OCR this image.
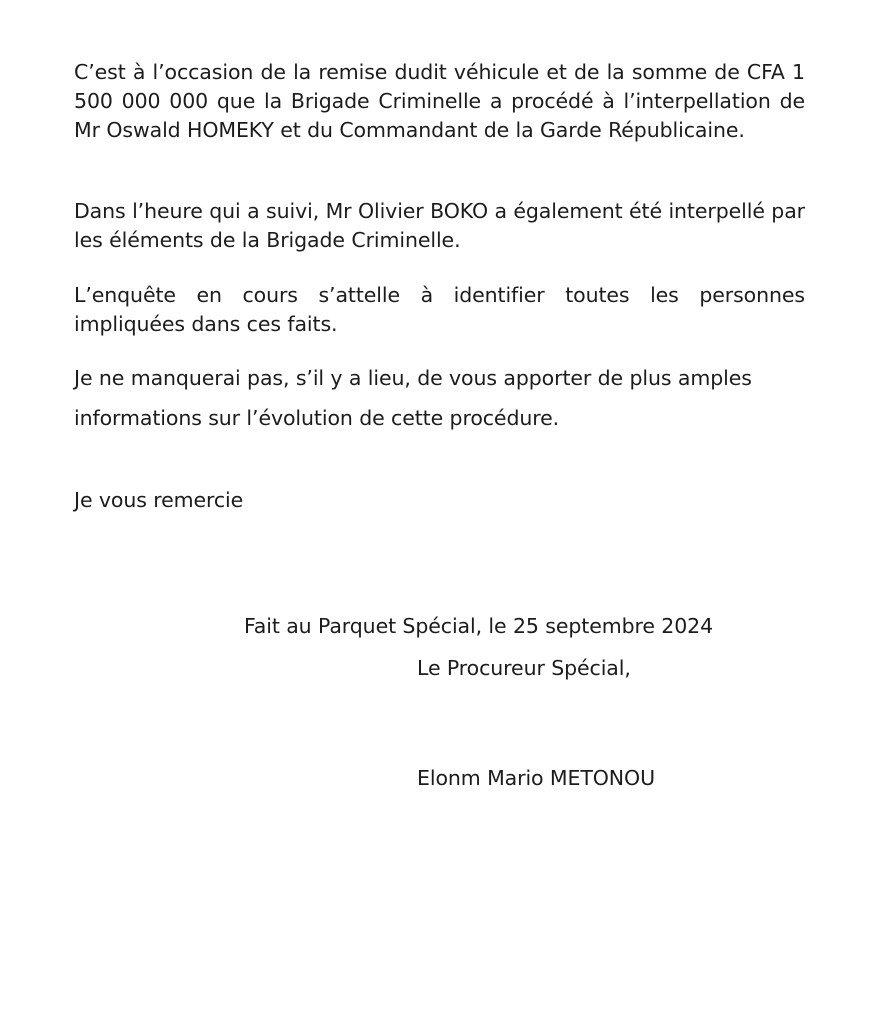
C’est à l’occasion de la remise dudit véhicule et de la somme de CFA 1 500 000 000 que la Brigade Criminelle a procédé à l’interpellation de Mr Oswald HOMEKY et du Commandant de la Garde Républicaine.

Dans l’heure qui a suivi, Mr Olivier BOKO a également été interpellé par les éléments de la Brigade Criminelle.

L’enquête en cours s’attelle à identifier toutes les personnes impliquées dans ces faits.

Je ne manquerai pas, s’il y a lieu, de vous apporter de plus amples

informations sur l’évolution de cette procédure.

Je vous remercie

Fait au Parquet Spécial, le 25 septembre 2024

Le Procureur Spécial,

Elonm Mario METONOU
